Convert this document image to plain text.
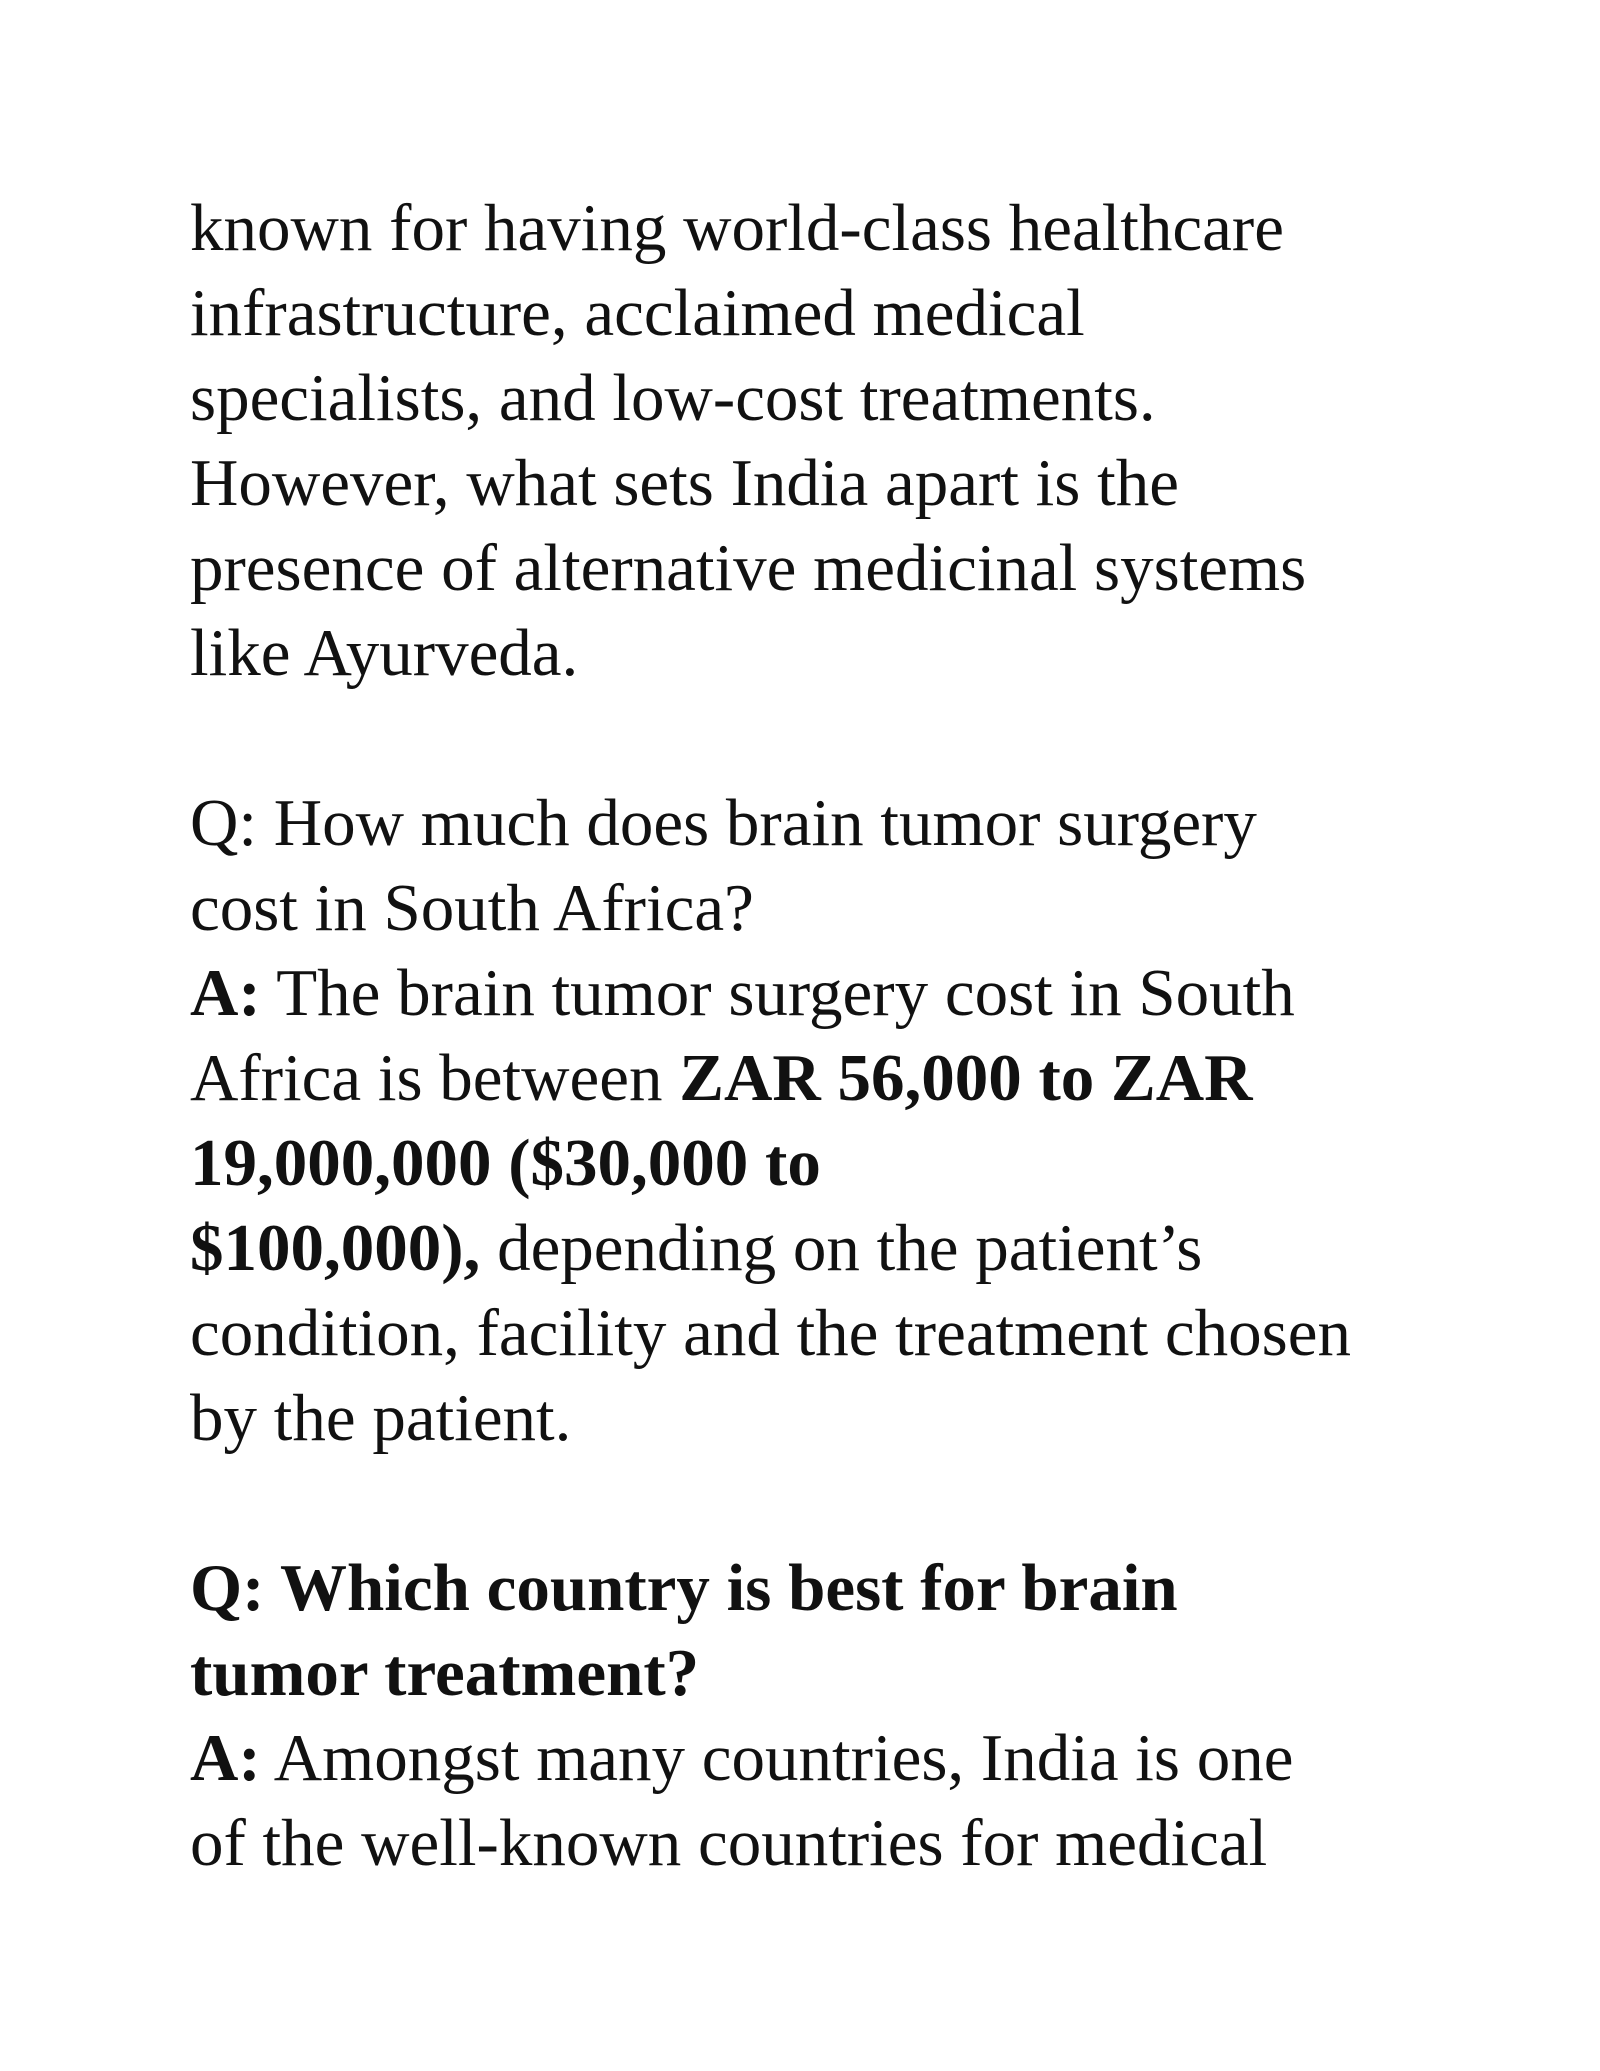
known for having world-class healthcare
infrastructure, acclaimed medical
specialists, and low-cost treatments.
However, what sets India apart is the
presence of alternative medicinal systems
like Ayurveda.

Q: How much does brain tumor surgery
cost in South Africa?

A: The brain tumor surgery cost in South
Africa is between ZAR 56,000 to ZAR
19,000,000 ($30,000 to
$100,000), depending on the patient’s
condition, facility and the treatment chosen
by the patient.

Q: Which country is best for brain
tumor treatment?

A: Amongst many countries, India is one
of the well-known countries for medical
